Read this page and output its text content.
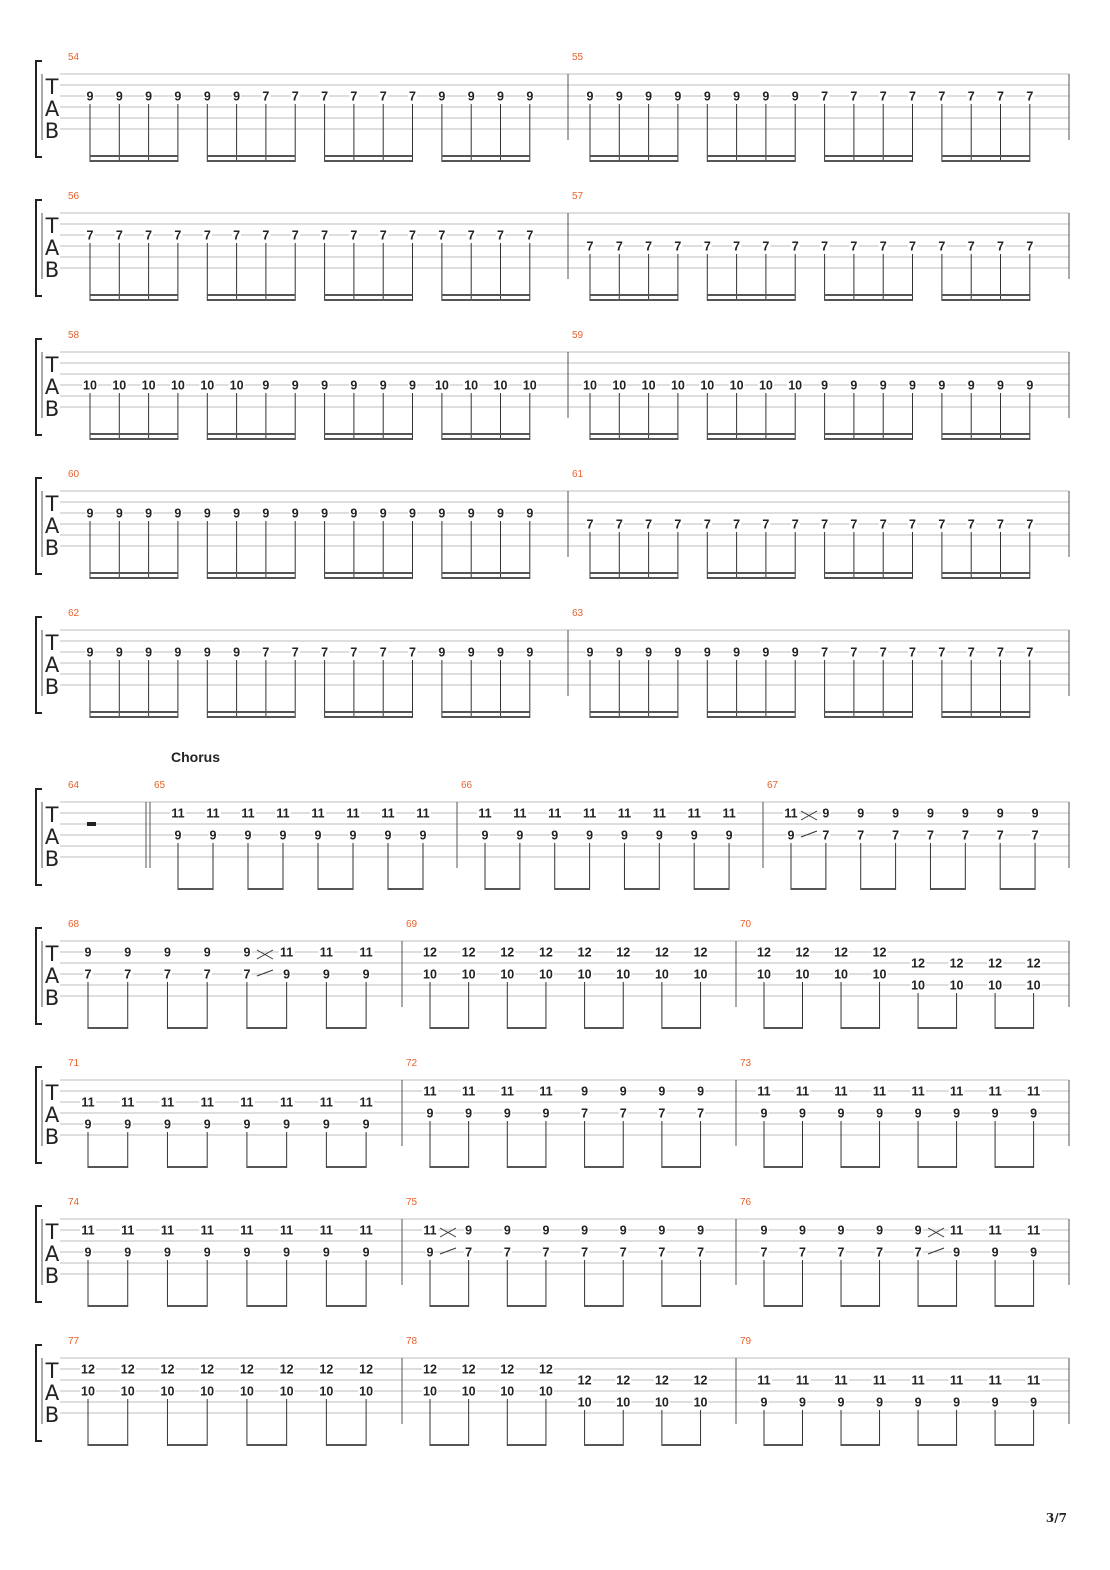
T
A
B
54
9 9 9 9 9 9 7 7 7 7 7 7 9 9 9 9
55
9 9 9 9 9 9 9 9 7 7 7 7 7 7 7 7
T
A
B
56
7 7 7 7 7 7 7 7 7 7 7 7 7 7 7 7
57
7 7 7 7 7 7 7 7 7 7 7 7 7 7 7 7
T
A
B
58
10 10 10 10 10 10 9 9 9 9 9 9 10 10 10 10
59
10 10 10 10 10 10 10 10 9 9 9 9 9 9 9 9
T
A
B
60
9 9 9 9 9 9 9 9 9 9 9 9 9 9 9 9
61
7 7 7 7 7 7 7 7 7 7 7 7 7 7 7 7
T
A
B
62
9 9 9 9 9 9 7 7 7 7 7 7 9 9 9 9
63
9 9 9 9 9 9 9 9 7 7 7 7 7 7 7 7
T
A
B
64	65
11
9
11
9
11
9
11
9
11
9
11
9
11
9
11
9
66
11
9
11
9
11
9
11
9
11
9
11
9
11
9
11
9
67
11
9
9
7
9
7
9
7
9
7
9
7
9
7
9
7
T
A
B
68
9
7
9
7
9
7
9
7
9
7
11
9
11
9
11
9
69
12
10
12
10
12
10
12
10
12
10
12
10
12
10
12
10
70
12
10
12
10
12
10
12
10
12
10
12
10
12
10
12
10
T
A
B
71
11
9
11
9
11
9
11
9
11
9
11
9
11
9
11
9
72
11
9
11
9
11
9
11
9
9
7
9
7
9
7
9
7
73
11
9
11
9
11
9
11
9
11
9
11
9
11
9
11
9
T
A
B
74
11
9
11
9
11
9
11
9
11
9
11
9
11
9
11
9
75
11
9
9
7
9
7
9
7
9
7
9
7
9
7
9
7
76
9
7
9
7
9
7
9
7
9
7
11
9
11
9
11
9
T
A
B
77
12
10
12
10
12
10
12
10
12
10
12
10
12
10
12
10
78
12
10
12
10
12
10
12
10
12
10
12
10
12
10
12
10
79
11
9
11
9
11
9
11
9
11
9
11
9
11
9
11
9
Chorus
3/7
